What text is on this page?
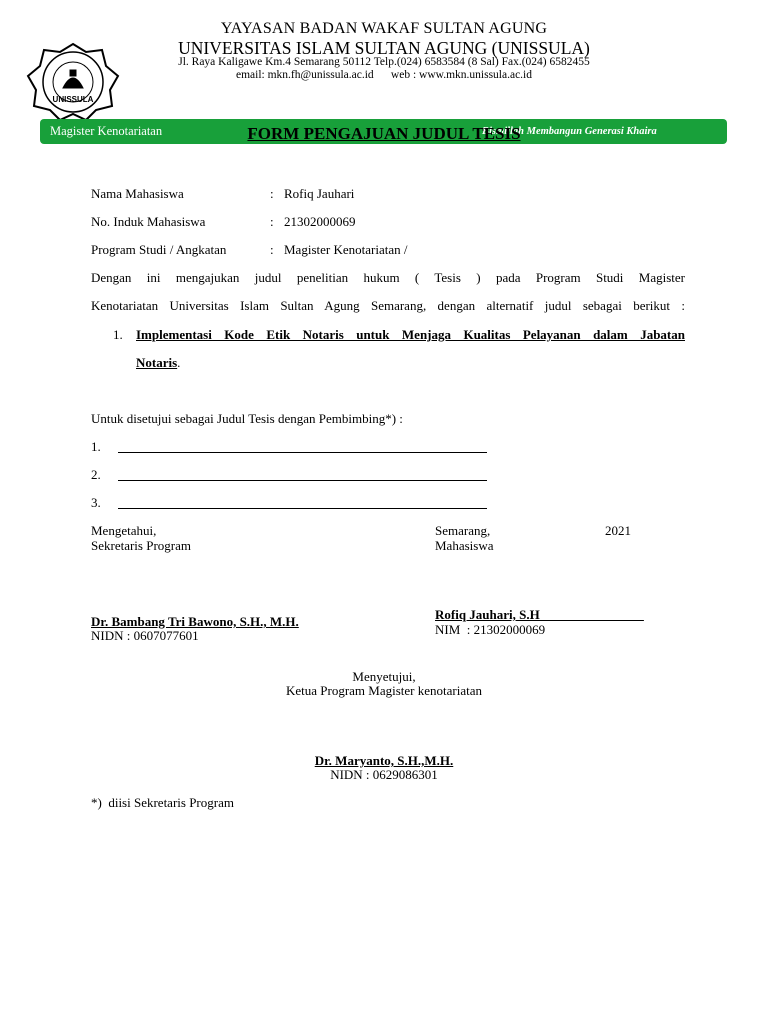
UNISSULA
YAYASAN BADAN WAKAF SULTAN AGUNG
UNIVERSITAS ISLAM SULTAN AGUNG (UNISSULA)
Jl. Raya Kaligawe Km.4 Semarang 50112 Telp.(024) 6583584 (8 Sal) Fax.(024) 6582455
email: mkn.fh@unissula.ac.id      web : www.mkn.unissula.ac.id
Magister Kenotariatan	Bismillah Membangun Generasi Khaira
FORM PENGAJUAN JUDUL TESIS
Nama Mahasiswa	: Rofiq Jauhari
No. Induk Mahasiswa	: 21302000069
Program Studi / Angkatan	: Magister Kenotariatan /
Dengan ini mengajukan judul penelitian hukum ( Tesis ) pada Program Studi Magister
Kenotariatan Universitas Islam Sultan Agung Semarang, dengan alternatif judul sebagai berikut :
1. Implementasi Kode Etik Notaris untuk Menjaga Kualitas Pelayanan dalam Jabatan
Notaris.
Untuk disetujui sebagai Judul Tesis dengan Pembimbing*) :
1.
2.
3.
Mengetahui,
Sekretaris Program
Semarang,	2021
Mahasiswa
Dr. Bambang Tri Bawono, S.H., M.H.
NIDN : 0607077601
Rofiq Jauhari, S.H________________
NIM  : 21302000069
Menyetujui,
Ketua Program Magister kenotariatan
Dr. Maryanto, S.H.,M.H.
NIDN : 0629086301
*)  diisi Sekretaris Program
